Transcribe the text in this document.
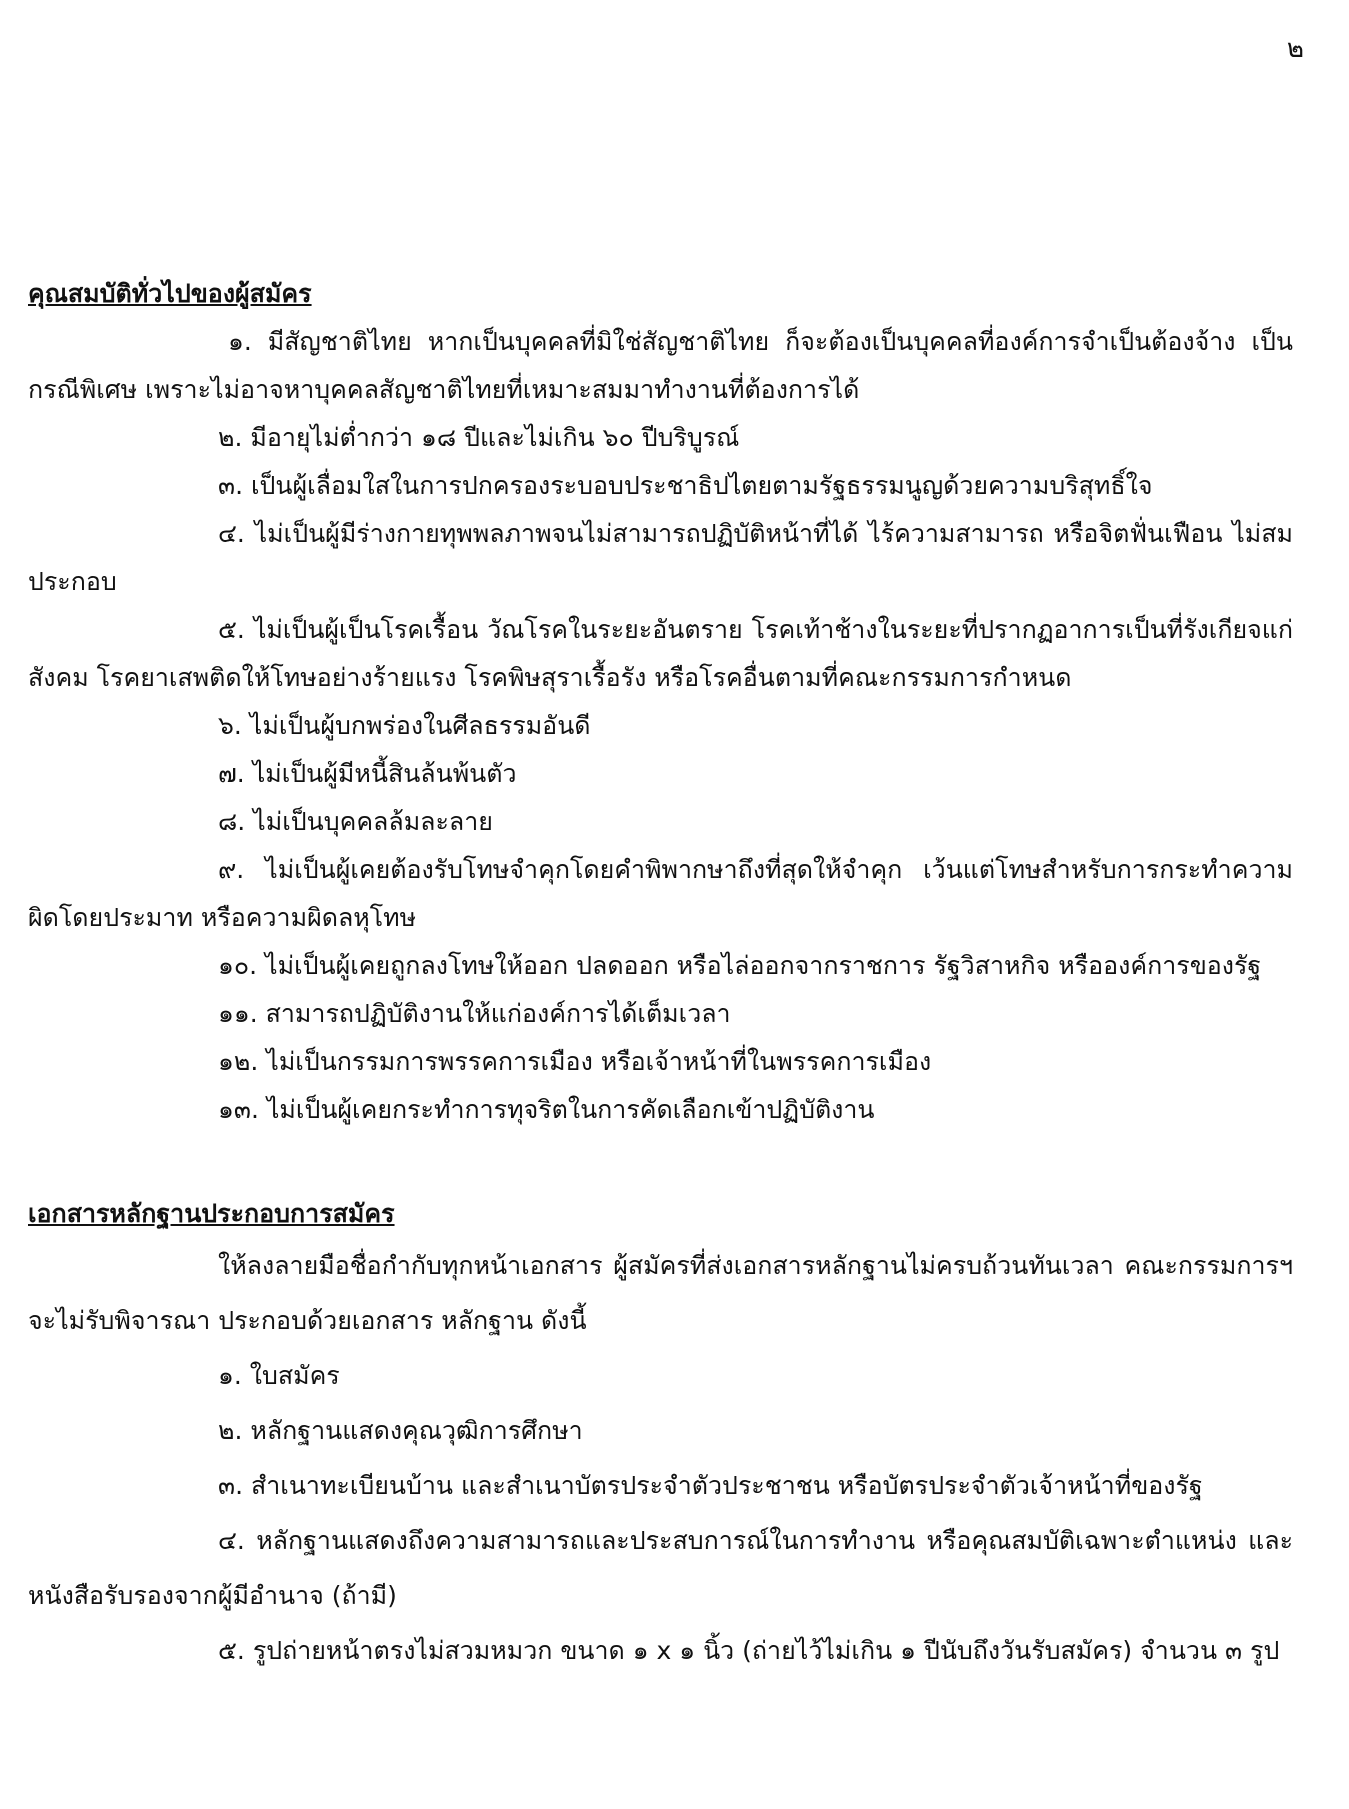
๒

คุณสมบัติทั่วไปของผู้สมัคร

๑. มีสัญชาติไทย หากเป็นบุคคลที่มิใช่สัญชาติไทย ก็จะต้องเป็นบุคคลที่องค์การจำเป็นต้องจ้าง เป็นกรณีพิเศษ เพราะไม่อาจหาบุคคลสัญชาติไทยที่เหมาะสมมาทำงานที่ต้องการได้

๒. มีอายุไม่ต่ำกว่า ๑๘ ปีและไม่เกิน ๖๐ ปีบริบูรณ์

๓. เป็นผู้เลื่อมใสในการปกครองระบอบประชาธิปไตยตามรัฐธรรมนูญด้วยความบริสุทธิ์ใจ

๔. ไม่เป็นผู้มีร่างกายทุพพลภาพจนไม่สามารถปฏิบัติหน้าที่ได้ ไร้ความสามารถ หรือจิตฟั่นเฟือน ไม่สมประกอบ

๕. ไม่เป็นผู้เป็นโรคเรื้อน วัณโรคในระยะอันตราย โรคเท้าช้างในระยะที่ปรากฏอาการเป็นที่รังเกียจแก่สังคม โรคยาเสพติดให้โทษอย่างร้ายแรง โรคพิษสุราเรื้อรัง หรือโรคอื่นตามที่คณะกรรมการกำหนด

๖. ไม่เป็นผู้บกพร่องในศีลธรรมอันดี

๗. ไม่เป็นผู้มีหนี้สินล้นพ้นตัว

๘. ไม่เป็นบุคคลล้มละลาย

๙. ไม่เป็นผู้เคยต้องรับโทษจำคุกโดยคำพิพากษาถึงที่สุดให้จำคุก เว้นแต่โทษสำหรับการกระทำความผิดโดยประมาท หรือความผิดลหุโทษ

๑๐. ไม่เป็นผู้เคยถูกลงโทษให้ออก ปลดออก หรือไล่ออกจากราชการ รัฐวิสาหกิจ หรือองค์การของรัฐ

๑๑. สามารถปฏิบัติงานให้แก่องค์การได้เต็มเวลา

๑๒. ไม่เป็นกรรมการพรรคการเมือง หรือเจ้าหน้าที่ในพรรคการเมือง

๑๓. ไม่เป็นผู้เคยกระทำการทุจริตในการคัดเลือกเข้าปฏิบัติงาน

เอกสารหลักฐานประกอบการสมัคร

ให้ลงลายมือชื่อกำกับทุกหน้าเอกสาร ผู้สมัครที่ส่งเอกสารหลักฐานไม่ครบถ้วนทันเวลา คณะกรรมการฯ จะไม่รับพิจารณา ประกอบด้วยเอกสาร หลักฐาน ดังนี้

๑. ใบสมัคร

๒. หลักฐานแสดงคุณวุฒิการศึกษา

๓. สำเนาทะเบียนบ้าน และสำเนาบัตรประจำตัวประชาชน หรือบัตรประจำตัวเจ้าหน้าที่ของรัฐ

๔. หลักฐานแสดงถึงความสามารถและประสบการณ์ในการทำงาน หรือคุณสมบัติเฉพาะตำแหน่ง และหนังสือรับรองจากผู้มีอำนาจ (ถ้ามี)

๕. รูปถ่ายหน้าตรงไม่สวมหมวก ขนาด ๑ x ๑ นิ้ว (ถ่ายไว้ไม่เกิน ๑ ปีนับถึงวันรับสมัคร) จำนวน ๓ รูป
